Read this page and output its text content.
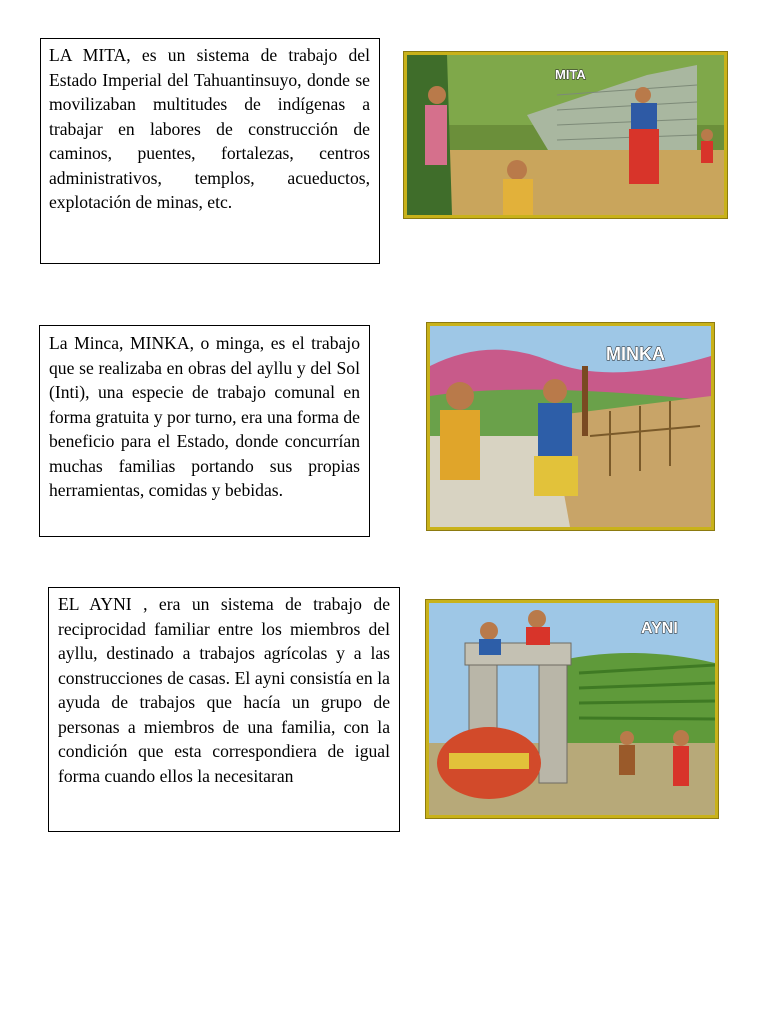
LA MITA, es un sistema de trabajo del Estado Imperial del Tahuantinsuyo, donde se movilizaban multitudes de indígenas a trabajar en labores de construcción de caminos, puentes, fortalezas, centros administrativos, templos, acueductos, explotación de minas, etc.
MITA
La Minca, MINKA, o minga, es el trabajo que se realizaba en obras del ayllu y del Sol (Inti), una especie de trabajo comunal en forma gratuita y por turno, era una forma de beneficio para el Estado, donde concurrían muchas familias portando sus propias herramientas, comidas y bebidas.
MINKA
EL AYNI , era un sistema de trabajo de reciprocidad familiar entre los miembros del ayllu, destinado a trabajos agrícolas y a las construcciones de casas. El ayni consistía en la ayuda de trabajos que hacía un grupo de personas a miembros de una familia, con la condición que esta correspondiera de igual forma cuando ellos la necesitaran
AYNI
